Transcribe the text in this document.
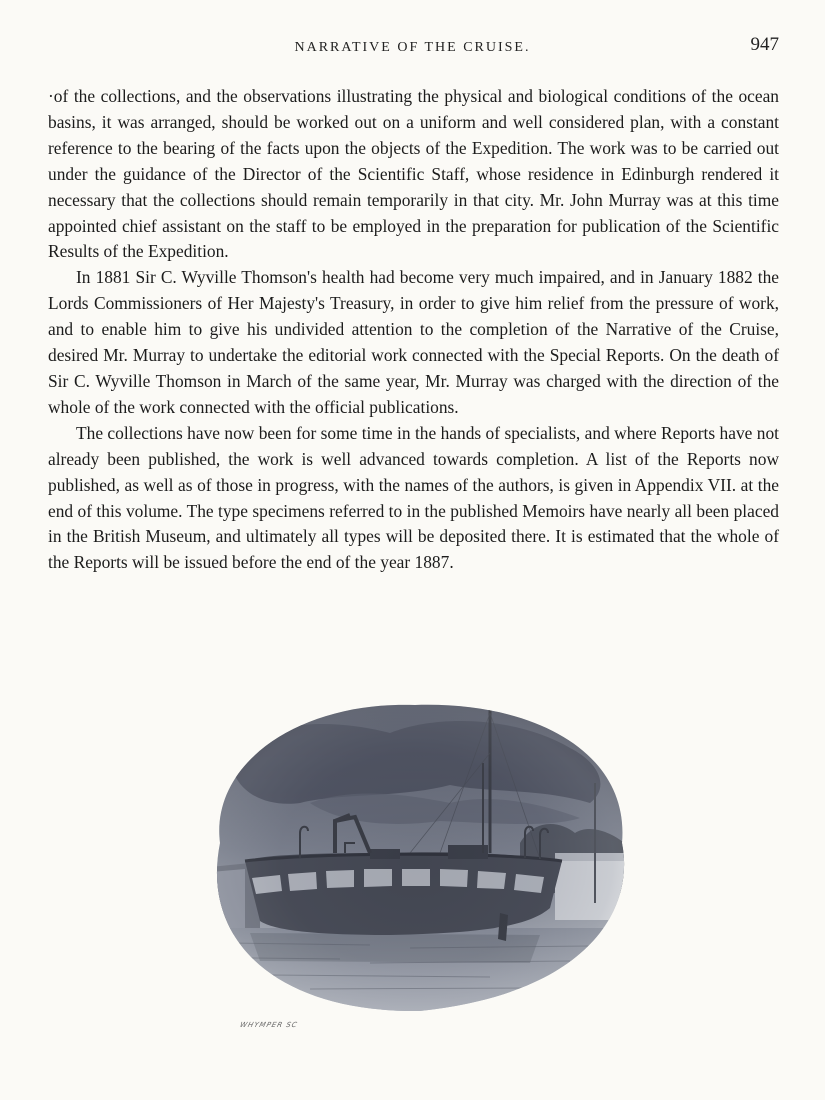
NARRATIVE OF THE CRUISE.	947

·of the collections, and the observations illustrating the physical and biological conditions of the ocean basins, it was arranged, should be worked out on a uniform and well considered plan, with a constant reference to the bearing of the facts upon the objects of the Expedition. The work was to be carried out under the guidance of the Director of the Scientific Staff, whose residence in Edinburgh rendered it necessary that the collections should remain temporarily in that city. Mr. John Murray was at this time appointed chief assistant on the staff to be employed in the preparation for publication of the Scientific Results of the Expedition.

In 1881 Sir C. Wyville Thomson's health had become very much impaired, and in January 1882 the Lords Commissioners of Her Majesty's Treasury, in order to give him relief from the pressure of work, and to enable him to give his undivided attention to the completion of the Narrative of the Cruise, desired Mr. Murray to undertake the editorial work connected with the Special Reports. On the death of Sir C. Wyville Thomson in March of the same year, Mr. Murray was charged with the direction of the whole of the work connected with the official publications.

The collections have now been for some time in the hands of specialists, and where Reports have not already been published, the work is well advanced towards completion. A list of the Reports now published, as well as of those in progress, with the names of the authors, is given in Appendix VII. at the end of this volume. The type specimens referred to in the published Memoirs have nearly all been placed in the British Museum, and ultimately all types will be deposited there. It is estimated that the whole of the Reports will be issued before the end of the year 1887.

WHYMPER SC
